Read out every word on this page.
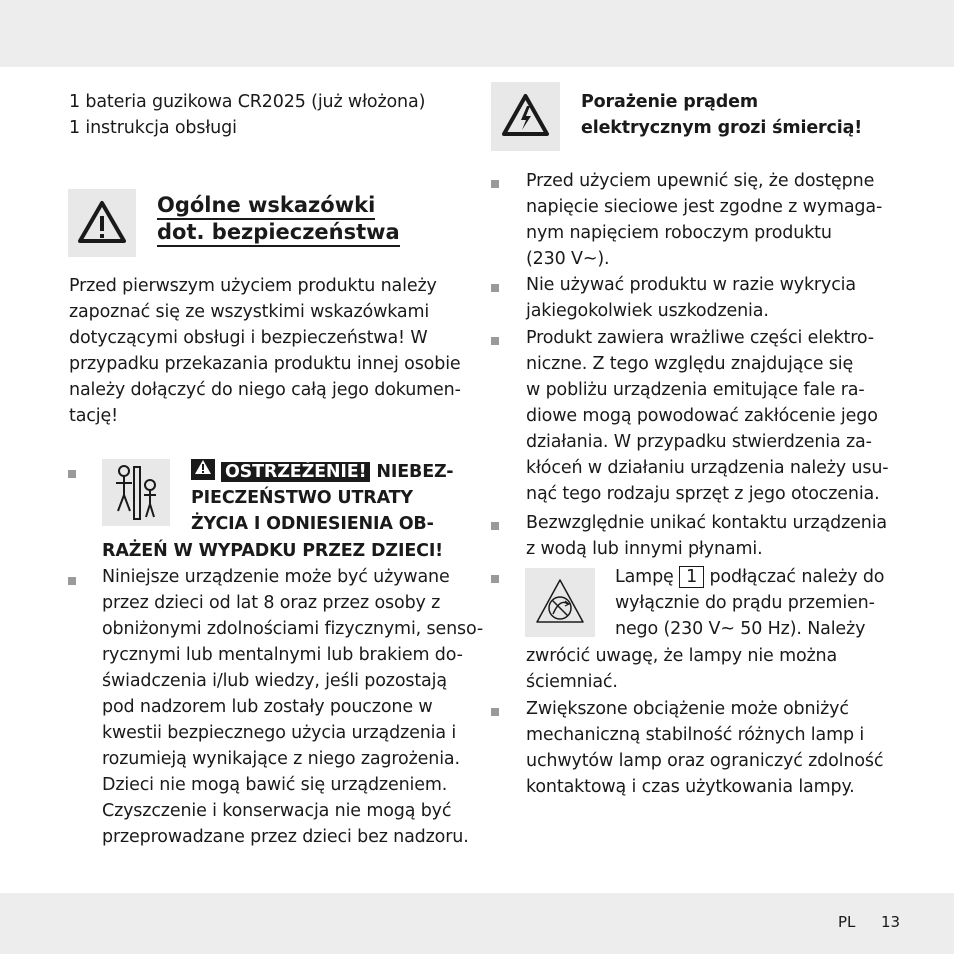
1 bateria guzikowa CR2025 (już włożona)
1 instrukcja obsługi
Ogólne wskazówki
dot. bezpieczeństwa
Przed pierwszym użyciem produktu należy
zapoznać się ze wszystkimi wskazówkami
dotyczącymi obsługi i bezpieczeństwa! W
przypadku przekazania produktu innej osobie
należy dołączyć do niego całą jego dokumen-
tację!
OSTRZEŻENIE! NIEBEZ-
PIECZEŃSTWO UTRATY
ŻYCIA I ODNIESIENIA OB-
RAŻEŃ W WYPADKU PRZEZ DZIECI!
Niniejsze urządzenie może być używane
przez dzieci od lat 8 oraz przez osoby z
obniżonymi zdolnościami fizycznymi, senso-
rycznymi lub mentalnymi lub brakiem do-
świadczenia i/lub wiedzy, jeśli pozostają
pod nadzorem lub zostały pouczone w
kwestii bezpiecznego użycia urządzenia i
rozumieją wynikające z niego zagrożenia.
Dzieci nie mogą bawić się urządzeniem.
Czyszczenie i konserwacja nie mogą być
przeprowadzane przez dzieci bez nadzoru.
Porażenie prądem
elektrycznym grozi śmiercią!
Przed użyciem upewnić się, że dostępne
napięcie sieciowe jest zgodne z wymaga-
nym napięciem roboczym produktu
(230 V~).
Nie używać produktu w razie wykrycia
jakiegokolwiek uszkodzenia.
Produkt zawiera wrażliwe części elektro-
niczne. Z tego względu znajdujące się
w pobliżu urządzenia emitujące fale ra-
diowe mogą powodować zakłócenie jego
działania. W przypadku stwierdzenia za-
kłóceń w działaniu urządzenia należy usu-
nąć tego rodzaju sprzęt z jego otoczenia.
Bezwzględnie unikać kontaktu urządzenia
z wodą lub innymi płynami.
Lampę 1 podłączać należy do
wyłącznie do prądu przemien-
nego (230 V~ 50 Hz). Należy
zwrócić uwagę, że lampy nie można
ściemniać.
Zwiększone obciążenie może obniżyć
mechaniczną stabilność różnych lamp i
uchwytów lamp oraz ograniczyć zdolność
kontaktową i czas użytkowania lampy.
PL 13
